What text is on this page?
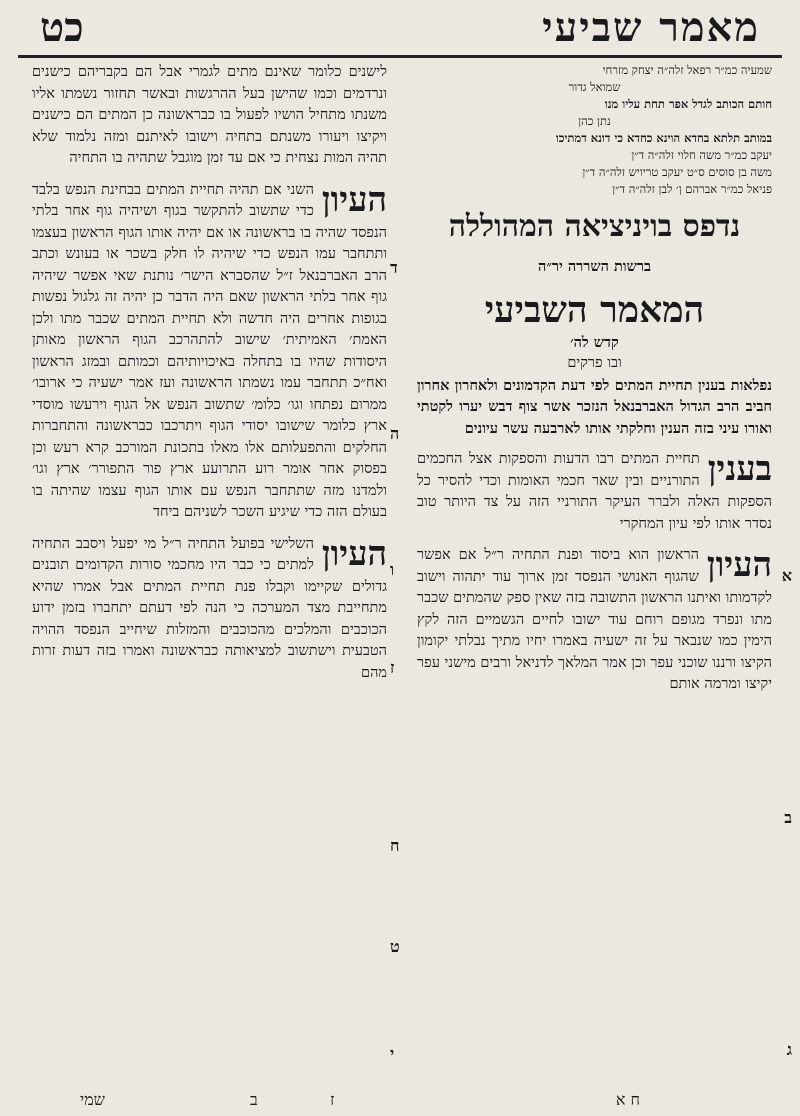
מאמר שביעי
כט
שמעיה כמ״ר רפאל זלה״ה יצחק מזרחי
שמואל גדור
חותם הכותב לגדל אפר תחת עליו מנו
נתן כהן
במותב תלתא בחדא הוינא כחדא כי דונא דמתיכו
יעקב כמ״ר משה חלוי זלה״ה ד״ן
משה בן סוסים ס״ט יעקב טריויש זלה״ה ד״ן
פניאל כמ״ר אברהם ן׳ לבן זלה״ה ד״ן
נדפס בויניציאה המהוללה
ברשות השררה יר״ה
המאמר השביעי
קדש לה׳
ובו פרקים
נפלאות בענין תחיית המתים לפי דעת הקדמונים ולאחרון אחרון חביב הרב הגדול האברבנאל הנזכר אשר צוף דבש יערו לקטתי ואורו עיני בזה הענין וחלקתי אותו לארבעה עשר עיונים
בענין
תחיית המתים רבו הדעות והספקות אצל החכמים התורניים ובין שאר חכמי האומות וכדי להסיר כל הספקות האלה ולברר העיקר התורניי הזה על צד היותר טוב נסדר אותו לפי עיון המחקרי
העיון
הראשון הוא ביסוד ופנת התחיה ר״ל אם אפשר שהגוף האנושי הנפסד זמן ארוך עוד יתהוה וישוב לקדמותו ואיתנו הראשון התשובה בזה שאין ספק שהמתים שכבר מתו ונפרד מגופם רוחם עוד ישובו לחיים הגשמיים הזה לקץ הימין כמו שנבאר על זה ישעיה באמרו יחיו מתיך נבלתי יקומון הקיצו ורננו שוכני עפר וכן אמר המלאך לדניאל ורבים מישני עפר יקיצו ומרמה אותם
לישנים כלומר שאינם מתים לגמרי אבל הם בקבריהם כישנים ונרדמים וכמו שהישן בעל ההרגשות ובאשר תחזור נשמתו אליו משנתו מתחיל הושיו לפעול בו כבראשונה כן המתים הם כישנים ויקיצו ויעורו משנתם בתחיה וישובו לאיתנם ומזה נלמוד שלא תהיה המות נצחית כי אם עד זמן מוגבל שתהיה בו התחיה
העיון
השני אם תהיה תחיית המתים בבחינת הנפש בלבד כדי שתשוב להתקשר בגוף ושיהיה גוף אחר בלתי הנפסד שהיה בו בראשונה או אם יהיה אותו הגוף הראשון בעצמו ותתחבר עמו הנפש כדי שיהיה לו חלק בשכר או בעונש וכתב הרב האברבנאל ז״ל שהסברא הישר׳ נותנת שאי אפשר שיהיה גוף אחר בלתי הראשון שאם היה הדבר כן יהיה זה גלגול נפשות בגופות אחרים היה חדשה ולא תחיית המתים שכבר מתו ולכן האמת׳ האמיתית׳ שישוב להתהרכב הגוף הראשון מאותן היסודות שהיו בו בתחלה באיכויותיהם וכמותם ובמזג הראשון ואח״כ תתחבר עמו נשמתו הראשונה ועז אמר ישעיה כי ארובו׳ ממרום נפתחו וגו׳ כלומ׳ שתשוב הנפש אל הגוף וירעשו מוסדי ארץ כלומר שישובו יסודי הגוף ויתרכבו כבראשונה והתחברות החלקים והתפעלותם אלו מאלו בתכונת המורכב קרא רעש וכן בפסוק אחר אומר רוע התרועע ארץ פור התפורר׳ ארץ וגו׳ ולמדנו מזה שתתחבר הנפש עם אותו הגוף עצמו שהיתה בו בעולם הזה כדי שיגיע השכר לשניהם ביחד
העיון
השלישי בפועל התחיה ר״ל מי יפעל ויסבב התחיה למתים כי כבר היו מחכמי סורות הקדומים תובנים גדולים שקיימו וקבלו פנת תחיית המתים אבל אמרו שהיא מתחייבת מצד המערכה כי הנה לפי דעתם יתחברו בזמן ידוע הכוכבים והמלכים מהכוכבים והמזלות שיחייב הנפסד ההויה הטבעית וישתשוב למציאותה כבראשונה ואמרו בזה דעות זרות מהם
א
ב
ג
ד
ה
ו
ז
ח
ט
י
ח א
שמי	ב	ז
